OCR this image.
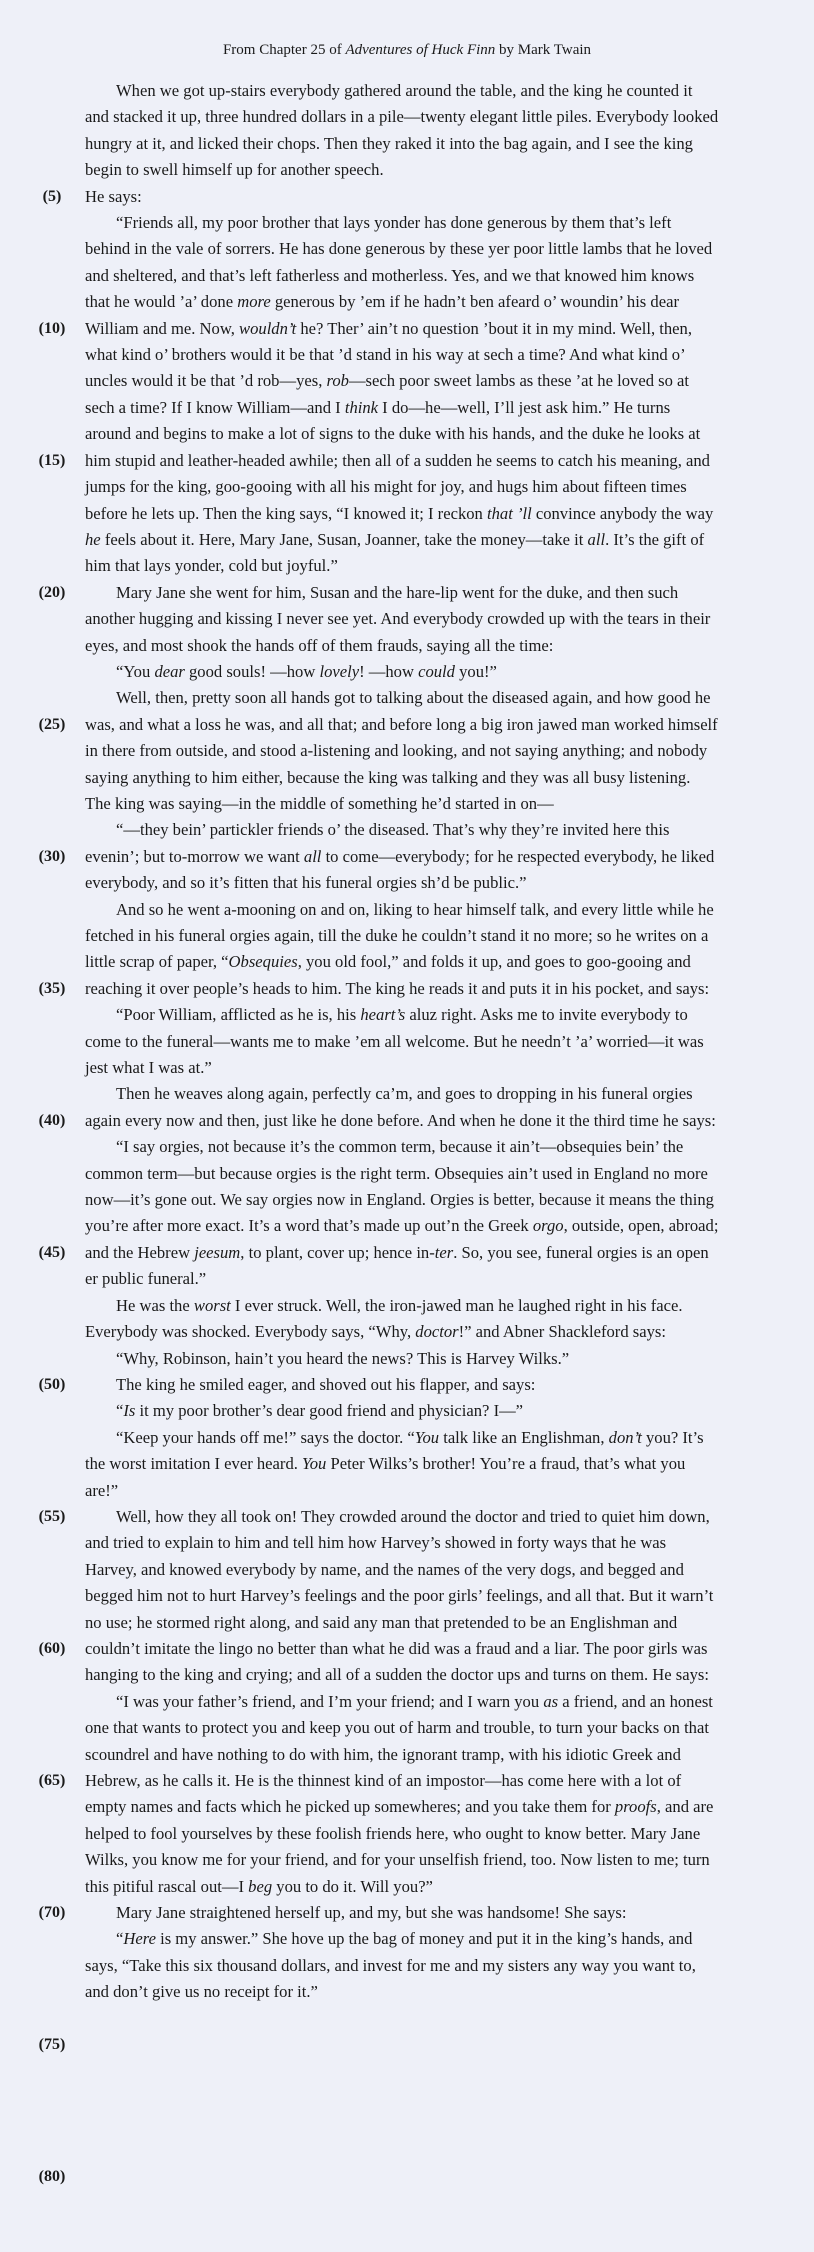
From Chapter 25 of Adventures of Huck Finn by Mark Twain
(5)
(10)
(15)
(20)
(25)
(30)
(35)
(40)
(45)
(50)
(55)
(60)
(65)
(70)
(75)
(80)

When we got up-stairs everybody gathered around the table, and the king he counted it and stacked it up, three hundred dollars in a pile—twenty elegant little piles. Everybody looked hungry at it, and licked their chops. Then they raked it into the bag again, and I see the king begin to swell himself up for another speech.

He says:

“Friends all, my poor brother that lays yonder has done generous by them that’s left behind in the vale of sorrers. He has done generous by these yer poor little lambs that he loved and sheltered, and that’s left fatherless and motherless. Yes, and we that knowed him knows that he would ’a’ done more generous by ’em if he hadn’t ben afeard o’ woundin’ his dear William and me. Now, wouldn’t he? Ther’ ain’t no question ’bout it in my mind. Well, then, what kind o’ brothers would it be that ’d stand in his way at sech a time? And what kind o’ uncles would it be that ’d rob—yes, rob—sech poor sweet lambs as these ’at he loved so at sech a time? If I know William—and I think I do—he—well, I’ll jest ask him.” He turns around and begins to make a lot of signs to the duke with his hands, and the duke he looks at him stupid and leather-headed awhile; then all of a sudden he seems to catch his meaning, and jumps for the king, goo-gooing with all his might for joy, and hugs him about fifteen times before he lets up. Then the king says, “I knowed it; I reckon that ’ll convince anybody the way he feels about it. Here, Mary Jane, Susan, Joanner, take the money—take it all. It’s the gift of him that lays yonder, cold but joyful.”

Mary Jane she went for him, Susan and the hare-lip went for the duke, and then such another hugging and kissing I never see yet. And everybody crowded up with the tears in their eyes, and most shook the hands off of them frauds, saying all the time:

“You dear good souls! —how lovely! —how could you!”

Well, then, pretty soon all hands got to talking about the diseased again, and how good he was, and what a loss he was, and all that; and before long a big iron jawed man worked himself in there from outside, and stood a-listening and looking, and not saying anything; and nobody saying anything to him either, because the king was talking and they was all busy listening. The king was saying—in the middle of something he’d started in on—

“—they bein’ partickler friends o’ the diseased. That’s why they’re invited here this evenin’; but to-morrow we want all to come—everybody; for he respected everybody, he liked everybody, and so it’s fitten that his funeral orgies sh’d be public.”

And so he went a-mooning on and on, liking to hear himself talk, and every little while he fetched in his funeral orgies again, till the duke he couldn’t stand it no more; so he writes on a little scrap of paper, “Obsequies, you old fool,” and folds it up, and goes to goo-gooing and reaching it over people’s heads to him. The king he reads it and puts it in his pocket, and says:

“Poor William, afflicted as he is, his heart’s aluz right. Asks me to invite everybody to come to the funeral—wants me to make ’em all welcome. But he needn’t ’a’ worried—it was jest what I was at.”

Then he weaves along again, perfectly ca’m, and goes to dropping in his funeral orgies again every now and then, just like he done before. And when he done it the third time he says:

“I say orgies, not because it’s the common term, because it ain’t—obsequies bein’ the common term—but because orgies is the right term. Obsequies ain’t used in England no more now—it’s gone out. We say orgies now in England. Orgies is better, because it means the thing you’re after more exact. It’s a word that’s made up out’n the Greek orgo, outside, open, abroad; and the Hebrew jeesum, to plant, cover up; hence in-ter. So, you see, funeral orgies is an open er public funeral.”

He was the worst I ever struck. Well, the iron-jawed man he laughed right in his face. Everybody was shocked. Everybody says, “Why, doctor!” and Abner Shackleford says:

“Why, Robinson, hain’t you heard the news? This is Harvey Wilks.”

The king he smiled eager, and shoved out his flapper, and says:

“Is it my poor brother’s dear good friend and physician? I—”

“Keep your hands off me!” says the doctor. “You talk like an Englishman, don’t you? It’s the worst imitation I ever heard. You Peter Wilks’s brother! You’re a fraud, that’s what you are!”

Well, how they all took on! They crowded around the doctor and tried to quiet him down, and tried to explain to him and tell him how Harvey’s showed in forty ways that he was Harvey, and knowed everybody by name, and the names of the very dogs, and begged and begged him not to hurt Harvey’s feelings and the poor girls’ feelings, and all that. But it warn’t no use; he stormed right along, and said any man that pretended to be an Englishman and couldn’t imitate the lingo no better than what he did was a fraud and a liar. The poor girls was hanging to the king and crying; and all of a sudden the doctor ups and turns on them. He says:

“I was your father’s friend, and I’m your friend; and I warn you as a friend, and an honest one that wants to protect you and keep you out of harm and trouble, to turn your backs on that scoundrel and have nothing to do with him, the ignorant tramp, with his idiotic Greek and Hebrew, as he calls it. He is the thinnest kind of an impostor—has come here with a lot of empty names and facts which he picked up somewheres; and you take them for proofs, and are helped to fool yourselves by these foolish friends here, who ought to know better. Mary Jane Wilks, you know me for your friend, and for your unselfish friend, too. Now listen to me; turn this pitiful rascal out—I beg you to do it. Will you?”

Mary Jane straightened herself up, and my, but she was handsome! She says:

“Here is my answer.” She hove up the bag of money and put it in the king’s hands, and says, “Take this six thousand dollars, and invest for me and my sisters any way you want to, and don’t give us no receipt for it.”
